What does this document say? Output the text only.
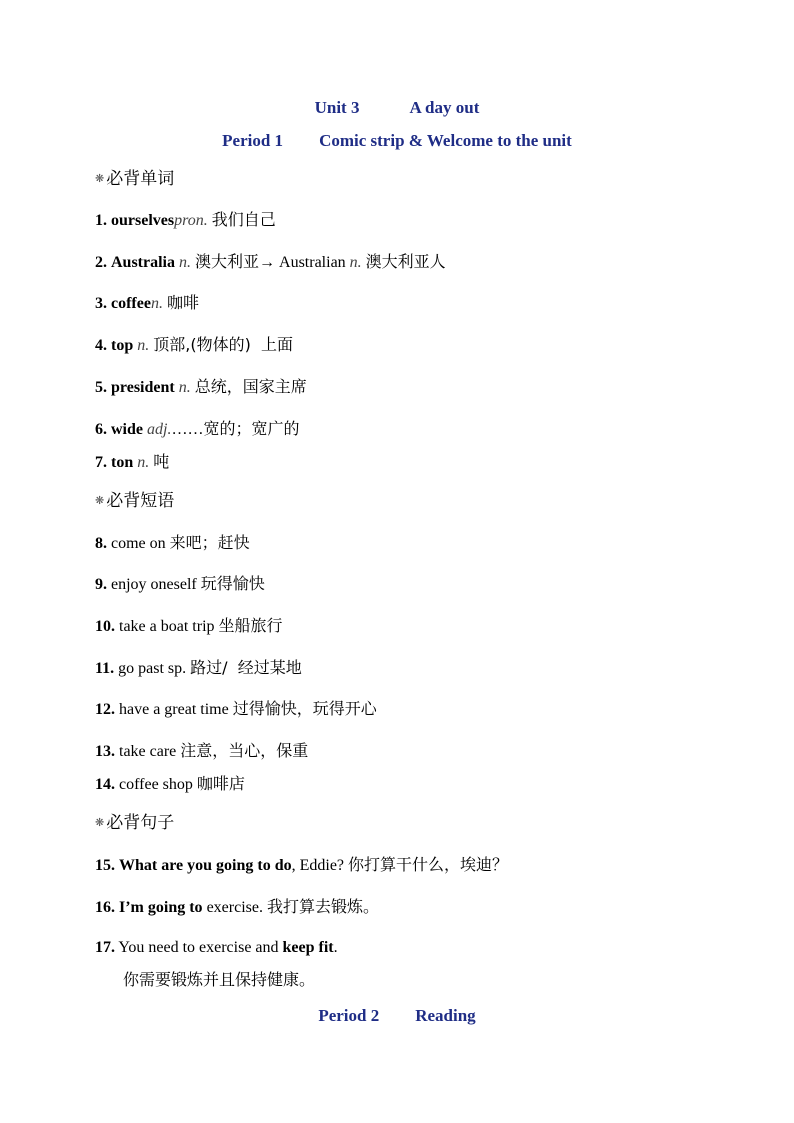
Unit 3	A day out
Period 1 Comic strip & Welcome to the unit
❋ 必背单词
1. ourselvespron. 我们自己
2. Australia n. 澳大利亚→ Australian n. 澳大利亚人
3. coffeen. 咖啡
4. top n. 顶部,(物体的)  上面
5. president n. 总统，国家主席
6. wide adj.……宽的；宽广的
7. ton n. 吨
❋ 必背短语
8. come on 来吧；赶快
9. enjoy oneself 玩得愉快
10. take a boat trip 坐船旅行
11. go past sp. 路过/  经过某地
12. have a great time 过得愉快，玩得开心
13. take care 注意，当心，保重
14. coffee shop 咖啡店
❋ 必背句子
15. What are you going to do, Eddie? 你打算干什么，埃迪？
16. I’m going to exercise. 我打算去锻炼。
17. You need to exercise and keep fit.
你需要锻炼并且保持健康。
Period 2 Reading
